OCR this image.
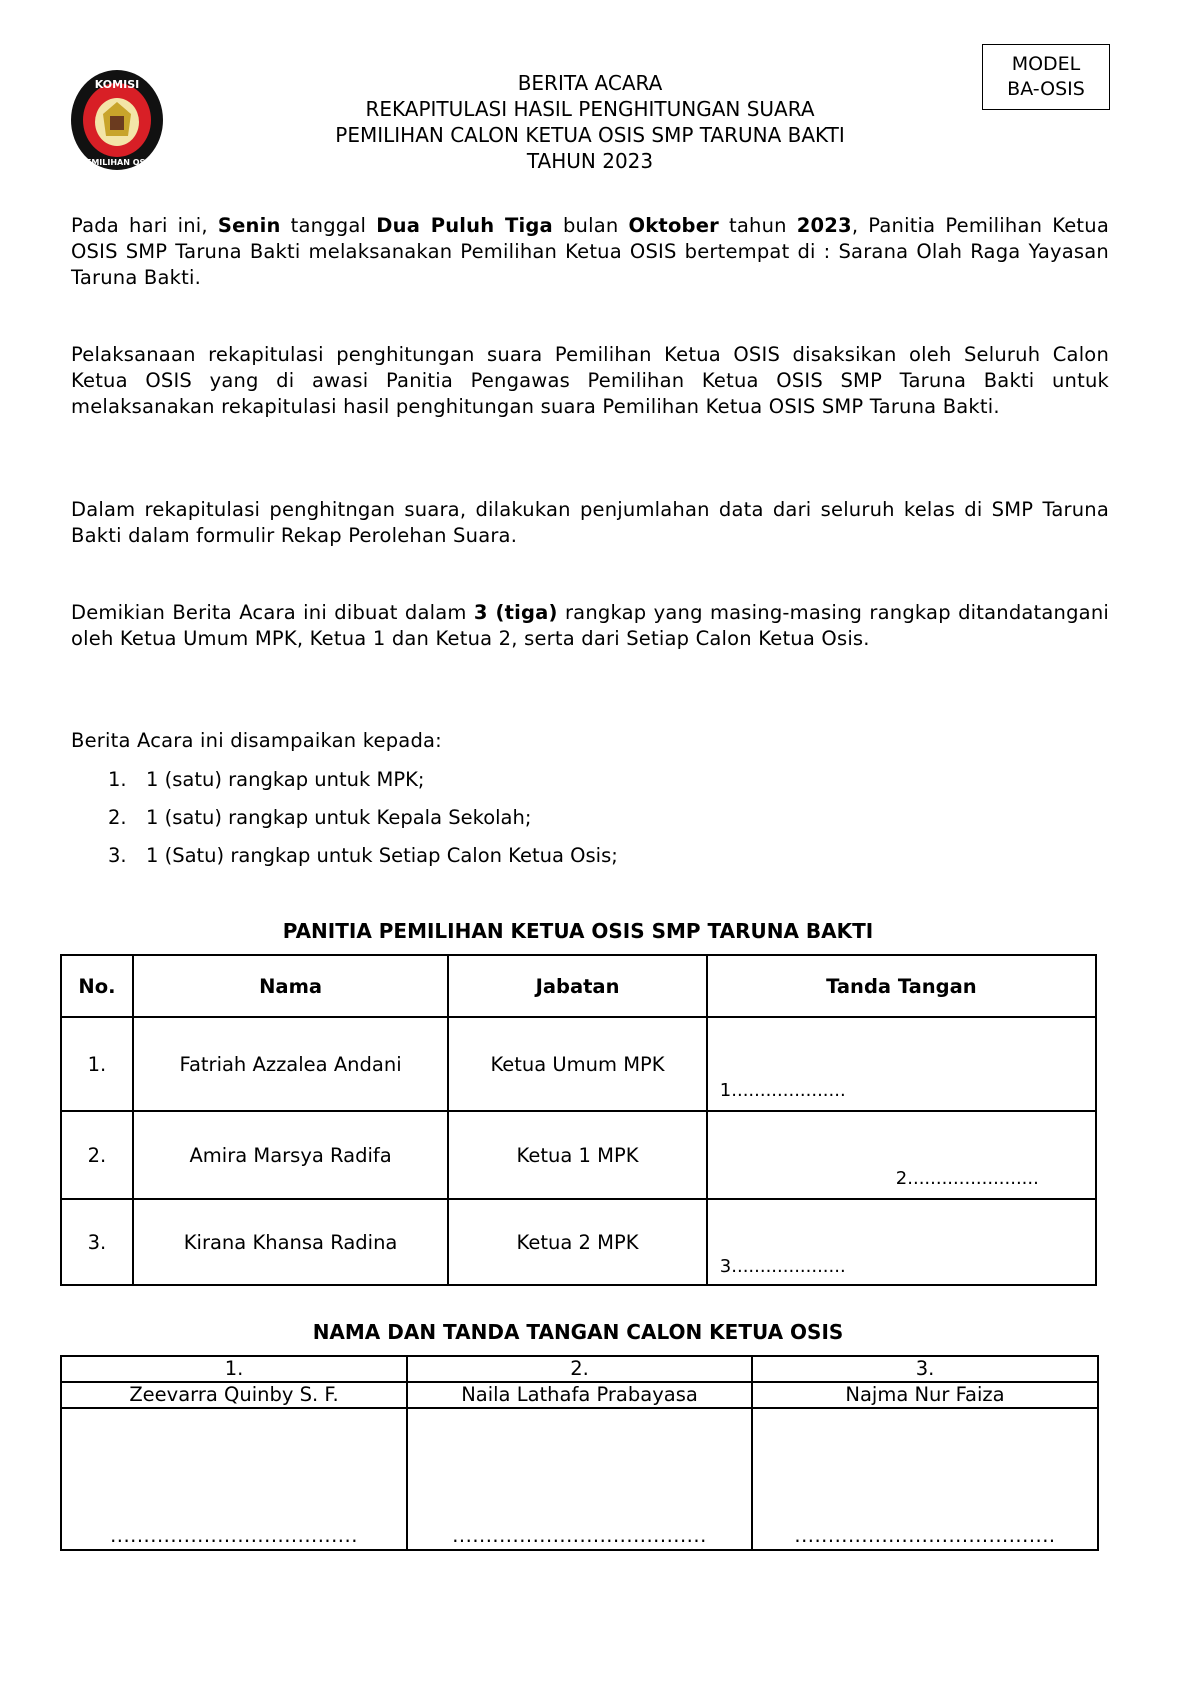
KOMISI
PEMILIHAN OSIS
MODEL
BA-OSIS
BERITA ACARA
REKAPITULASI HASIL PENGHITUNGAN SUARA
PEMILIHAN CALON KETUA OSIS SMP TARUNA BAKTI
TAHUN 2023
Pada hari ini, Senin tanggal Dua Puluh Tiga bulan Oktober tahun 2023, Panitia Pemilihan Ketua OSIS SMP Taruna Bakti melaksanakan Pemilihan Ketua OSIS bertempat di : Sarana Olah Raga Yayasan Taruna Bakti.
Pelaksanaan rekapitulasi penghitungan suara Pemilihan Ketua OSIS disaksikan oleh Seluruh Calon Ketua OSIS yang di awasi Panitia Pengawas Pemilihan Ketua OSIS SMP Taruna Bakti untuk melaksanakan rekapitulasi hasil penghitungan suara Pemilihan Ketua OSIS SMP Taruna Bakti.
Dalam rekapitulasi penghitngan suara, dilakukan penjumlahan data dari seluruh kelas di SMP Taruna Bakti dalam formulir Rekap Perolehan Suara.
Demikian Berita Acara ini dibuat dalam 3 (tiga) rangkap yang masing-masing rangkap ditandatangani oleh Ketua Umum MPK, Ketua 1 dan Ketua 2, serta dari Setiap Calon Ketua Osis.
Berita Acara ini disampaikan kepada:
1. 1 (satu) rangkap untuk MPK;
2. 1 (satu) rangkap untuk Kepala Sekolah;
3. 1 (Satu) rangkap untuk Setiap Calon Ketua Osis;
PANITIA PEMILIHAN KETUA OSIS SMP TARUNA BAKTI
No.	Nama	Jabatan	Tanda Tangan
1.	Fatriah Azzalea Andani	Ketua Umum MPK	1....................

2.	Amira Marsya Radifa	Ketua 1 MPK	2.......................

3.	Kirana Khansa Radina	Ketua 2 MPK	3....................
NAMA DAN TANDA TANGAN CALON KETUA OSIS
1.	2.	3.
Zeevarra Quinby S. F.	Naila Lathafa Prabayasa	Najma Nur Faiza

.....................................	......................................	.......................................
